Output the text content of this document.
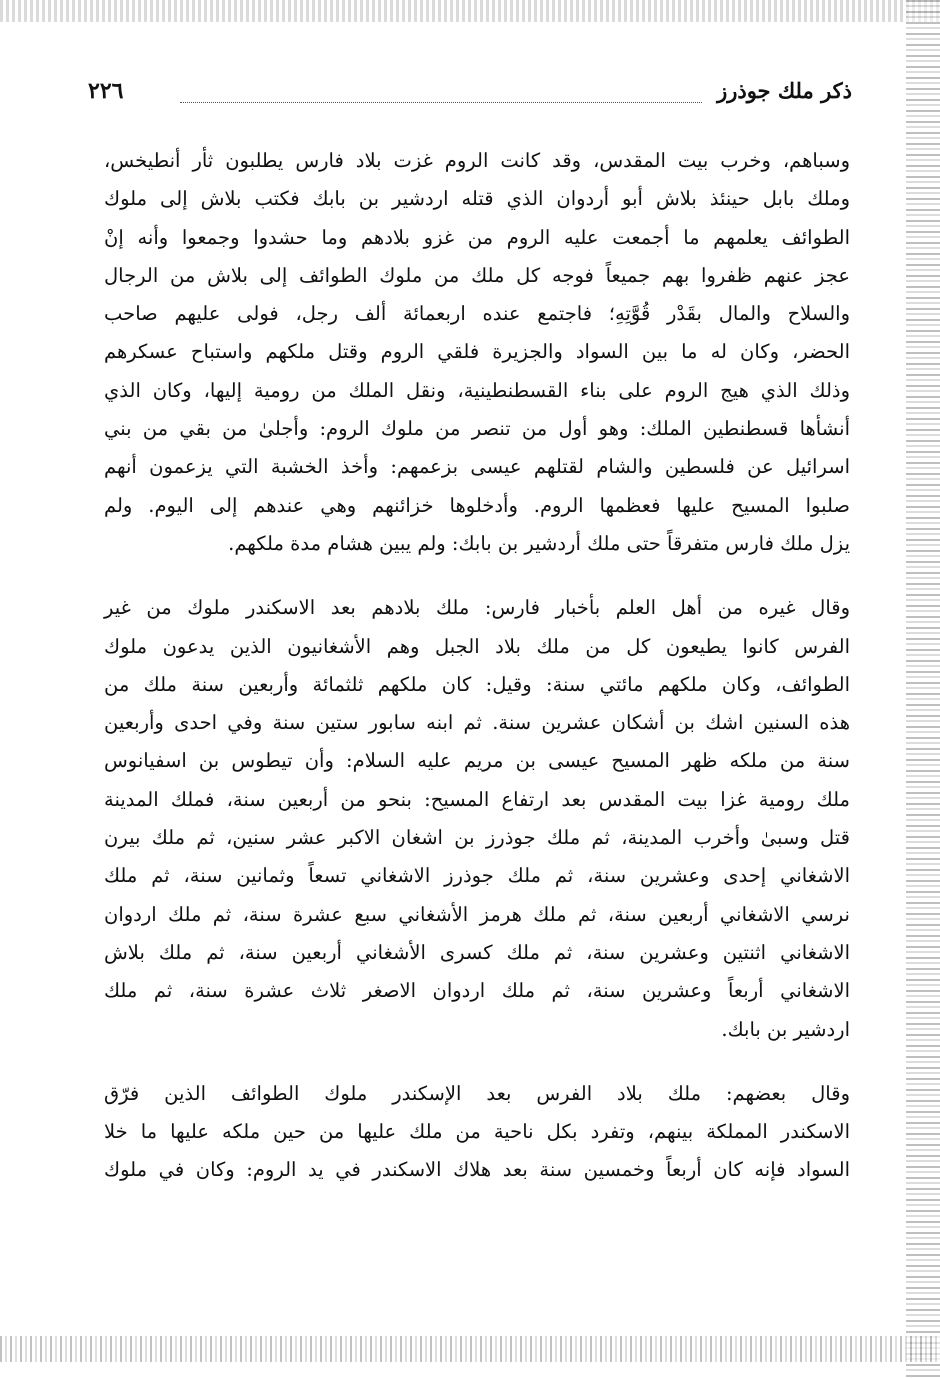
ذكر ملك جوذرز
٢٢٦
وسباهم، وخرب بيت المقدس، وقد كانت الروم غزت بلاد فارس يطلبون ثأر أنطيخس،
وملك بابل حينئذ بلاش أبو أردوان الذي قتله اردشير بن بابك فكتب بلاش إلى ملوك
الطوائف يعلمهم ما أجمعت عليه الروم من غزو بلادهم وما حشدوا وجمعوا وأنه إنْ
عجز عنهم ظفروا بهم جميعاً فوجه كل ملك من ملوك الطوائف إلى بلاش من الرجال
والسلاح والمال بقَدْر قُوَّتِهِ؛ فاجتمع عنده اربعمائة ألف رجل، فولى عليهم صاحب
الحضر، وكان له ما بين السواد والجزيرة فلقي الروم وقتل ملكهم واستباح عسكرهم
وذلك الذي هيج الروم على بناء القسطنطينية، ونقل الملك من رومية إليها، وكان الذي
أنشأها قسطنطين الملك: وهو أول من تنصر من ملوك الروم: وأجلىٰ من بقي من بني
اسرائيل عن فلسطين والشام لقتلهم عيسى بزعمهم: وأخذ الخشبة التي يزعمون أنهم
صلبوا المسيح عليها فعظمها الروم. وأدخلوها خزائنهم وهي عندهم إلى اليوم. ولم
يزل ملك فارس متفرقاً حتى ملك أردشير بن بابك: ولم يبين هشام مدة ملكهم.
وقال غيره من أهل العلم بأخبار فارس: ملك بلادهم بعد الاسكندر ملوك من غير
الفرس كانوا يطيعون كل من ملك بلاد الجبل وهم الأشغانيون الذين يدعون ملوك
الطوائف، وكان ملكهم مائتي سنة: وقيل: كان ملكهم ثلثمائة وأربعين سنة ملك من
هذه السنين اشك بن أشكان عشرين سنة. ثم ابنه سابور ستين سنة وفي احدى وأربعين
سنة من ملكه ظهر المسيح عيسى بن مريم عليه السلام: وأن تيطوس بن اسفيانوس
ملك رومية غزا بيت المقدس بعد ارتفاع المسيح: بنحو من أربعين سنة، فملك المدينة
قتل وسبىٰ وأخرب المدينة، ثم ملك جوذرز بن اشغان الاكبر عشر سنين، ثم ملك بيرن
الاشغاني إحدى وعشرين سنة، ثم ملك جوذرز الاشغاني تسعاً وثمانين سنة، ثم ملك
نرسي الاشغاني أربعين سنة، ثم ملك هرمز الأشغاني سبع عشرة سنة، ثم ملك اردوان
الاشغاني اثنتين وعشرين سنة، ثم ملك كسرى الأشغاني أربعين سنة، ثم ملك بلاش
الاشغاني أربعاً وعشرين سنة، ثم ملك اردوان الاصغر ثلاث عشرة سنة، ثم ملك
اردشير بن بابك.
وقال بعضهم: ملك بلاد الفرس بعد الإسكندر ملوك الطوائف الذين فرّق
الاسكندر المملكة بينهم، وتفرد بكل ناحية من ملك عليها من حين ملكه عليها ما خلا
السواد فإنه كان أربعاً وخمسين سنة بعد هلاك الاسكندر في يد الروم: وكان في ملوك
